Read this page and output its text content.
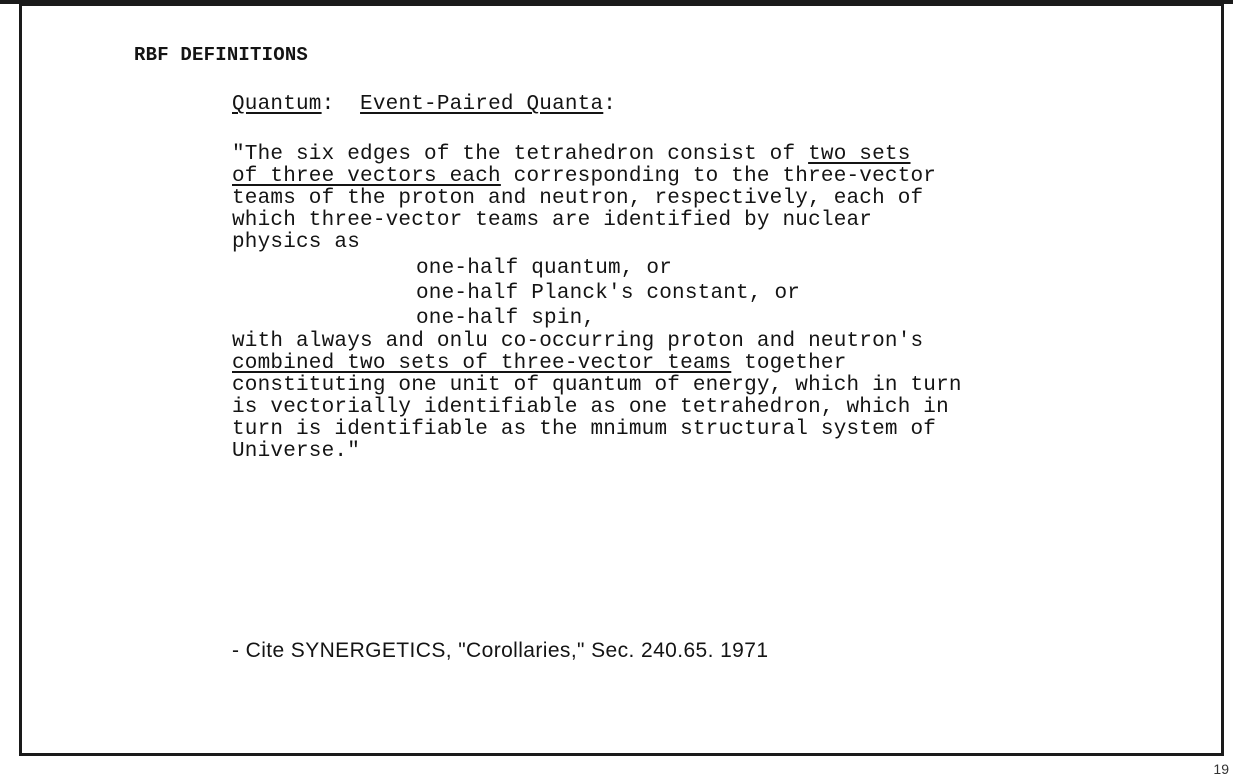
RBF DEFINITIONS
Quantum: Event-Paired Quanta:
"The six edges of the tetrahedron consist of two sets
of three vectors each corresponding to the three-vector
teams of the proton and neutron, respectively, each of
which three-vector teams are identified by nuclear
physics as
one-half quantum, or
one-half Planck's constant, or
one-half spin,
with always and onlu co-occurring proton and neutron's
combined two sets of three-vector teams together
constituting one unit of quantum of energy, which in turn
is vectorially identifiable as one tetrahedron, which in
turn is identifiable as the mnimum structural system of
Universe."
- Cite SYNERGETICS, "Corollaries," Sec. 240.65. 1971
19
